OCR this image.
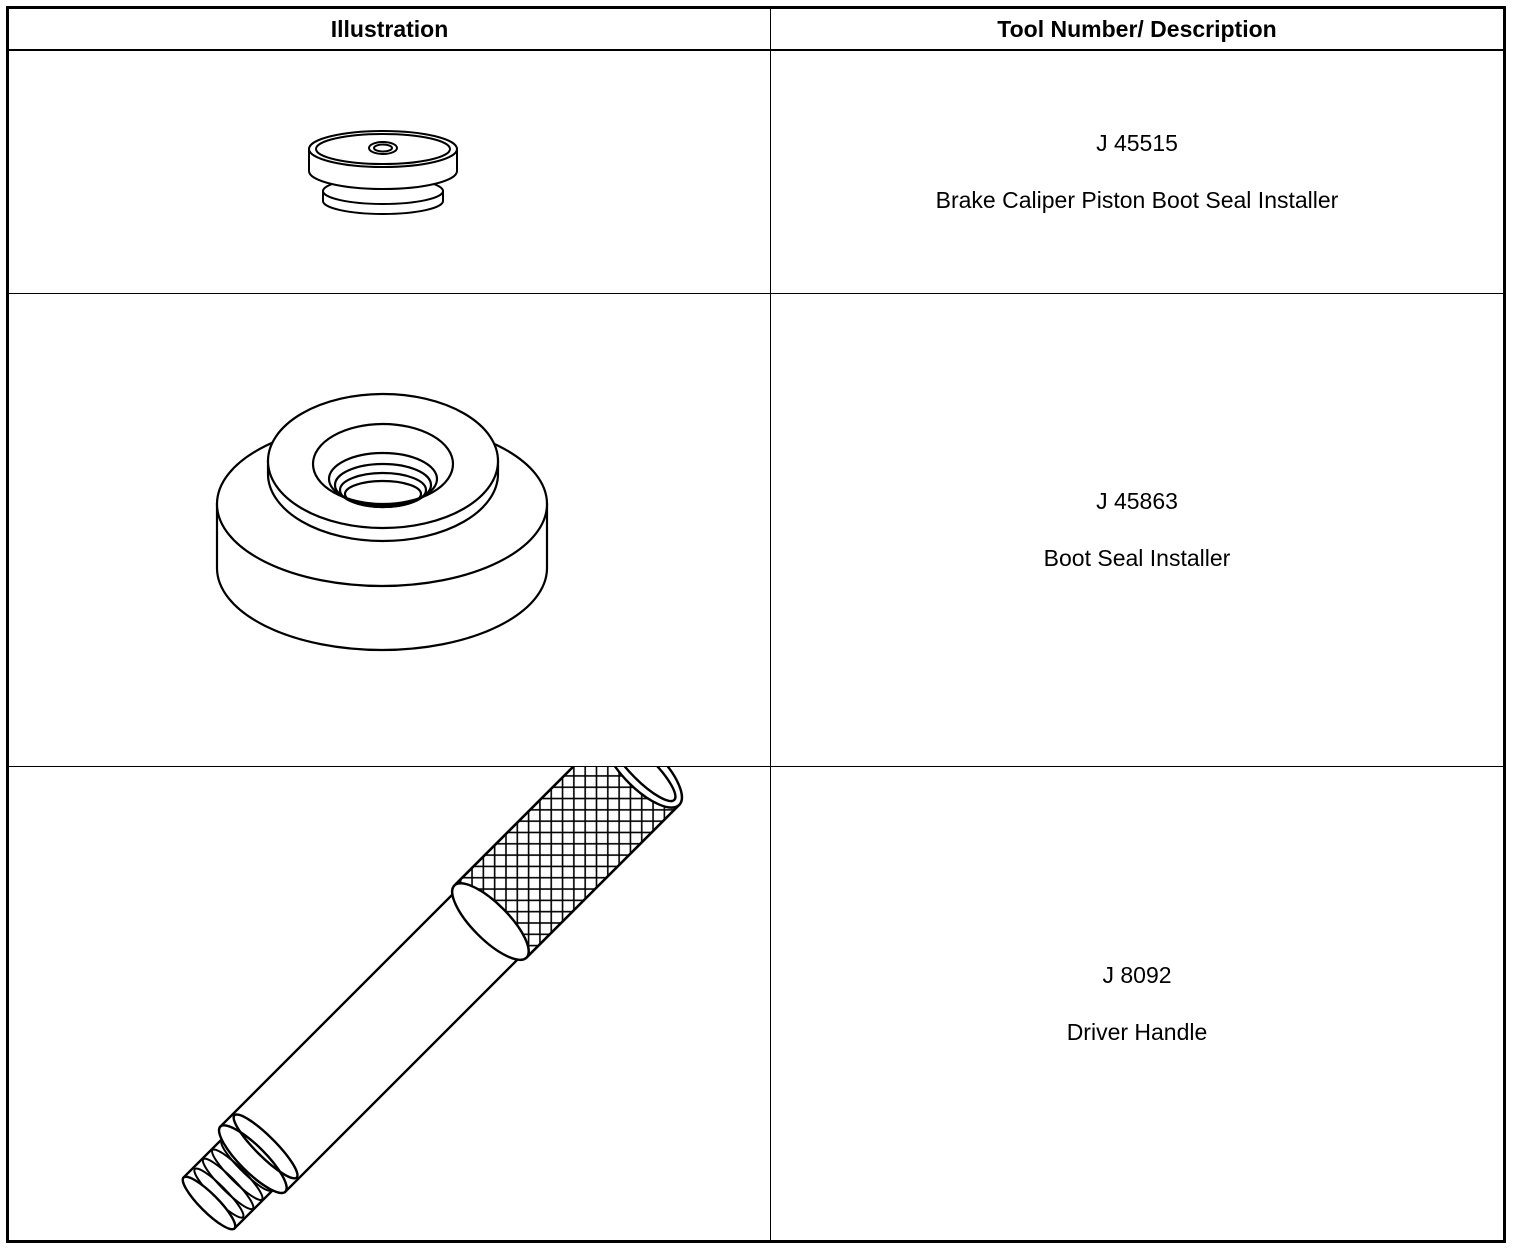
Illustration	Tool Number/ Description
J 45515
Brake Caliper Piston Boot Seal Installer
J 45863
Boot Seal Installer
J 8092
Driver Handle
